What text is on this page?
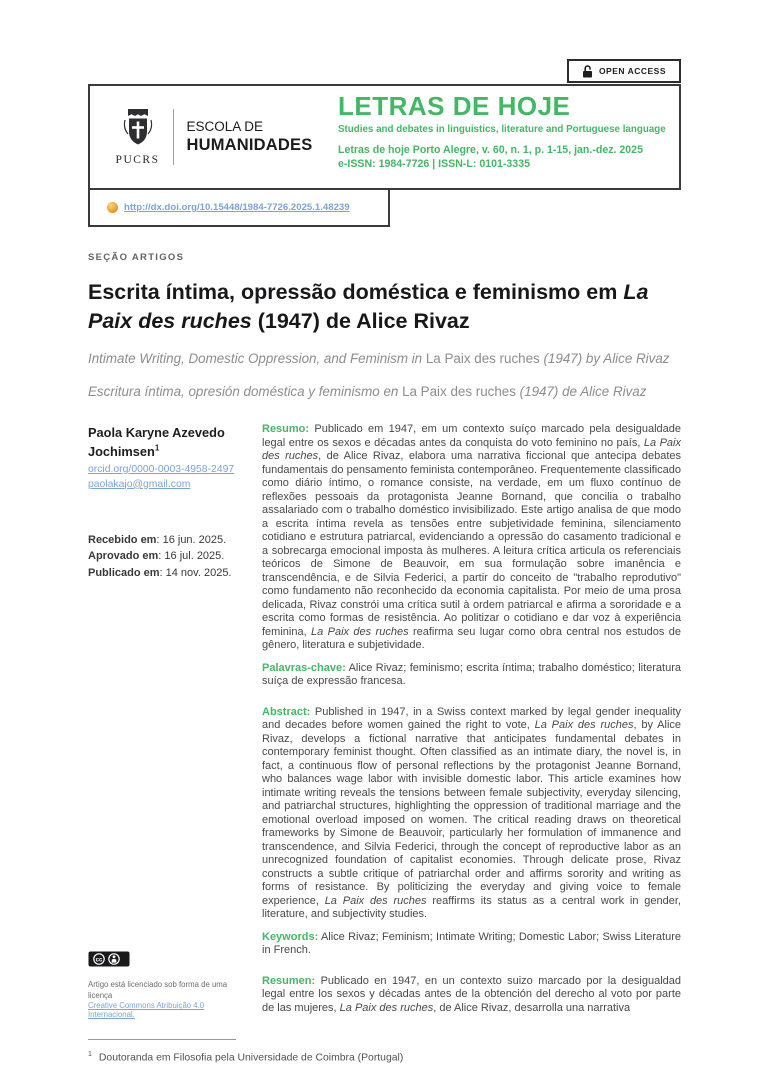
OPEN ACCESS
PUCRS
ESCOLA DE
HUMANIDADES
LETRAS DE HOJE
Studies and debates in linguistics, literature and Portuguese language
Letras de hoje Porto Alegre, v. 60, n. 1, p. 1-15, jan.-dez. 2025
e-ISSN: 1984-7726 | ISSN-L: 0101-3335
http://dx.doi.org/10.15448/1984-7726.2025.1.48239
SEÇÃO ARTIGOS
Escrita íntima, opressão doméstica e feminismo em La Paix des ruches (1947) de Alice Rivaz
Intimate Writing, Domestic Oppression, and Feminism in La Paix des ruches (1947) by Alice Rivaz
Escritura íntima, opresión doméstica y feminismo en La Paix des ruches (1947) de Alice Rivaz
Paola Karyne Azevedo Jochimsen$^1$
orcid.org/0000-0003-4958-2497
paolakajo@gmail.com
Recebido em: 16 jun. 2025.
Aprovado em: 16 jul. 2025.
Publicado em: 14 nov. 2025.
cc
Artigo está licenciado sob forma de uma licença
Creative Commons Atribuição 4.0 Internacional.

Resumo: Publicado em 1947, em um contexto suíço marcado pela desigualdade legal entre os sexos e décadas antes da conquista do voto feminino no país, La Paix des ruches, de Alice Rivaz, elabora uma narrativa ficcional que antecipa debates fundamentais do pensamento feminista contemporâneo. Frequentemente classificado como diário íntimo, o romance consiste, na verdade, em um fluxo contínuo de reflexões pessoais da protagonista Jeanne Bornand, que concilia o trabalho assalariado com o trabalho doméstico invisibilizado. Este artigo analisa de que modo a escrita íntima revela as tensões entre subjetividade feminina, silenciamento cotidiano e estrutura patriarcal, evidenciando a opressão do casamento tradicional e a sobrecarga emocional imposta às mulheres. A leitura crítica articula os referenciais teóricos de Simone de Beauvoir, em sua formulação sobre imanência e transcendência, e de Silvia Federici, a partir do conceito de "trabalho reprodutivo" como fundamento não reconhecido da economia capitalista. Por meio de uma prosa delicada, Rivaz constrói uma crítica sutil à ordem patriarcal e afirma a sororidade e a escrita como formas de resistência. Ao politizar o cotidiano e dar voz à experiência feminina, La Paix des ruches reafirma seu lugar como obra central nos estudos de gênero, literatura e subjetividade.

Palavras-chave: Alice Rivaz; feminismo; escrita íntima; trabalho doméstico; literatura suíça de expressão francesa.

Abstract: Published in 1947, in a Swiss context marked by legal gender inequality and decades before women gained the right to vote, La Paix des ruches, by Alice Rivaz, develops a fictional narrative that anticipates fundamental debates in contemporary feminist thought. Often classified as an intimate diary, the novel is, in fact, a continuous flow of personal reflections by the protagonist Jeanne Bornand, who balances wage labor with invisible domestic labor. This article examines how intimate writing reveals the tensions between female subjectivity, everyday silencing, and patriarchal structures, highlighting the oppression of traditional marriage and the emotional overload imposed on women. The critical reading draws on theoretical frameworks by Simone de Beauvoir, particularly her formulation of immanence and transcendence, and Silvia Federici, through the concept of reproductive labor as an unrecognized foundation of capitalist economies. Through delicate prose, Rivaz constructs a subtle critique of patriarchal order and affirms sorority and writing as forms of resistance. By politicizing the everyday and giving voice to female experience, La Paix des ruches reaffirms its status as a central work in gender, literature, and subjectivity studies.

Keywords: Alice Rivaz; Feminism; Intimate Writing; Domestic Labor; Swiss Literature in French.

Resumen: Publicado en 1947, en un contexto suizo marcado por la desigualdad legal entre los sexos y décadas antes de la obtención del derecho al voto por parte de las mujeres, La Paix des ruches, de Alice Rivaz, desarrolla una narrativa

$^1$ Doutoranda em Filosofia pela Universidade de Coimbra (Portugal)
